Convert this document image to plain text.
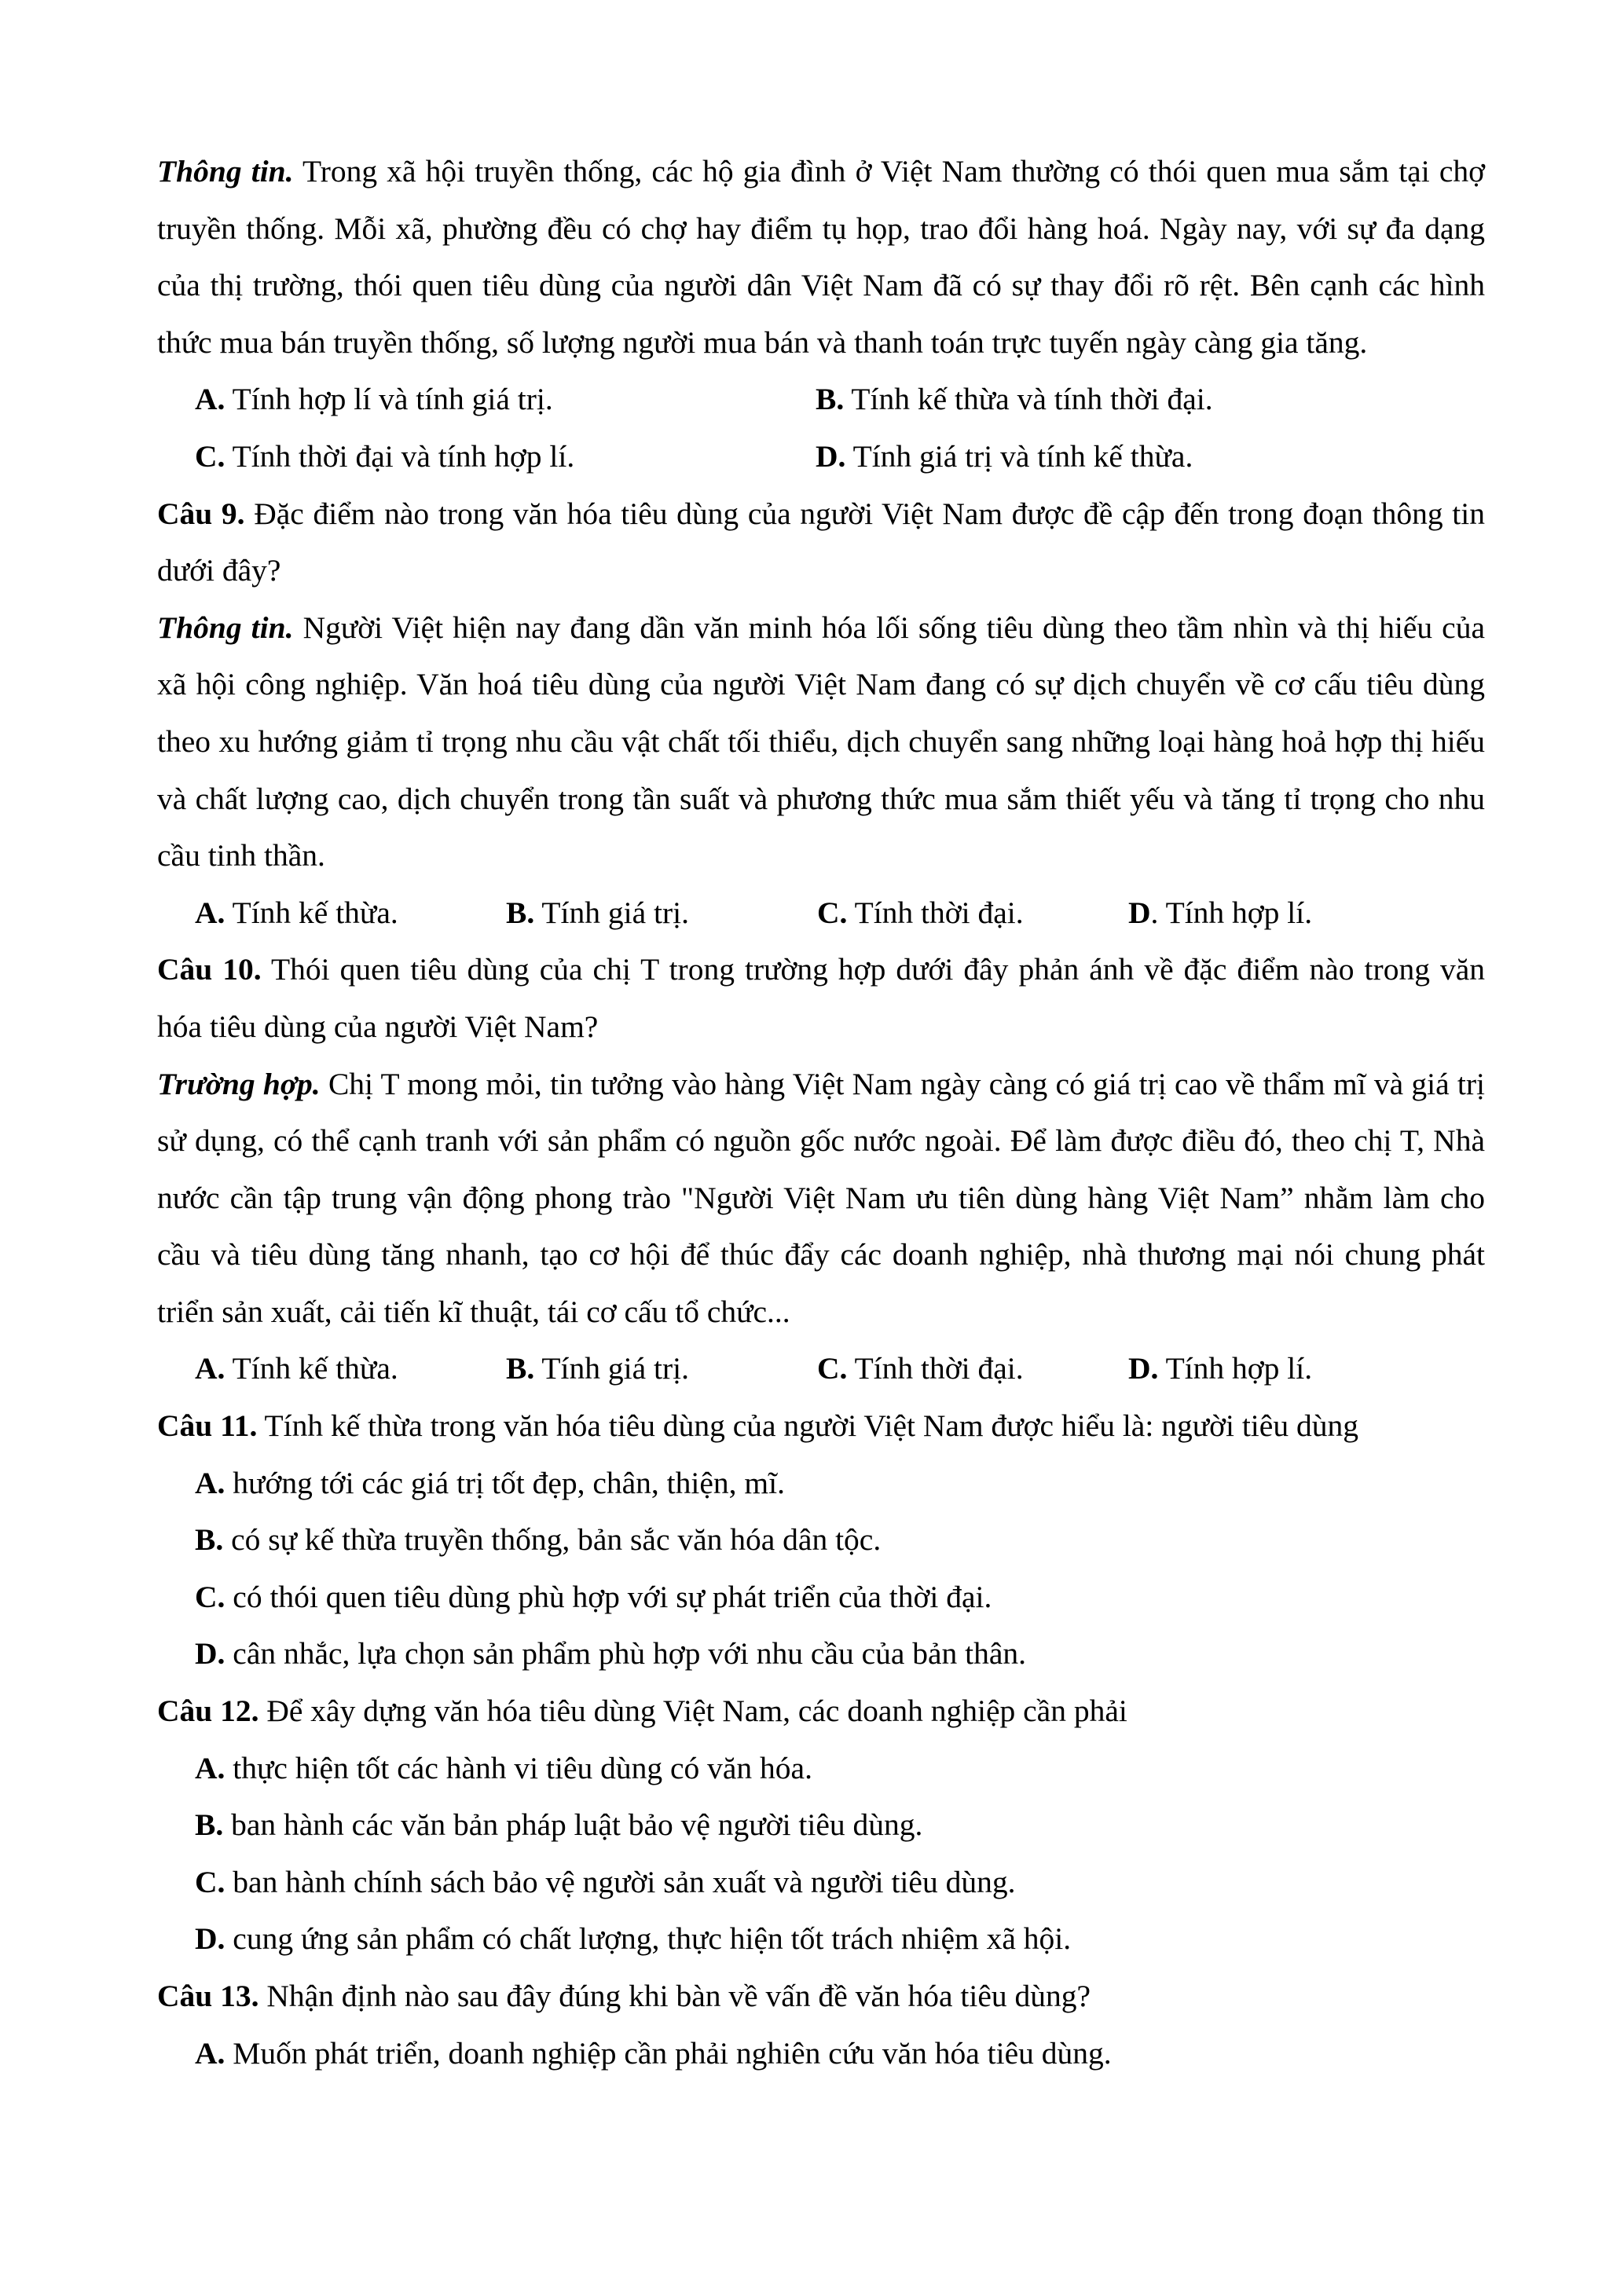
Thông tin. Trong xã hội truyền thống, các hộ gia đình ở Việt Nam thường có thói quen mua sắm tại chợ truyền thống. Mỗi xã, phường đều có chợ hay điểm tụ họp, trao đổi hàng hoá. Ngày nay, với sự đa dạng của thị trường, thói quen tiêu dùng của người dân Việt Nam đã có sự thay đổi rõ rệt. Bên cạnh các hình thức mua bán truyền thống, số lượng người mua bán và thanh toán trực tuyến ngày càng gia tăng.

A. Tính hợp lí và tính giá trị.	B. Tính kế thừa và tính thời đại.
C. Tính thời đại và tính hợp lí.	D. Tính giá trị và tính kế thừa.

Câu 9. Đặc điểm nào trong văn hóa tiêu dùng của người Việt Nam được đề cập đến trong đoạn thông tin dưới đây?

Thông tin. Người Việt hiện nay đang dần văn minh hóa lối sống tiêu dùng theo tầm nhìn và thị hiếu của xã hội công nghiệp. Văn hoá tiêu dùng của người Việt Nam đang có sự dịch chuyển về cơ cấu tiêu dùng theo xu hướng giảm tỉ trọng nhu cầu vật chất tối thiểu, dịch chuyển sang những loại hàng hoả hợp thị hiếu và chất lượng cao, dịch chuyển trong tần suất và phương thức mua sắm thiết yếu và tăng tỉ trọng cho nhu cầu tinh thần.

A. Tính kế thừa.	B. Tính giá trị.	C. Tính thời đại.	D. Tính hợp lí.

Câu 10. Thói quen tiêu dùng của chị T trong trường hợp dưới đây phản ánh về đặc điểm nào trong văn hóa tiêu dùng của người Việt Nam?

Trường hợp. Chị T mong mỏi, tin tưởng vào hàng Việt Nam ngày càng có giá trị cao về thẩm mĩ và giá trị sử dụng, có thể cạnh tranh với sản phẩm có nguồn gốc nước ngoài. Để làm được điều đó, theo chị T, Nhà nước cần tập trung vận động phong trào "Người Việt Nam ưu tiên dùng hàng Việt Nam” nhằm làm cho cầu và tiêu dùng tăng nhanh, tạo cơ hội để thúc đẩy các doanh nghiệp, nhà thương mại nói chung phát triển sản xuất, cải tiến kĩ thuật, tái cơ cấu tổ chức...

A. Tính kế thừa.	B. Tính giá trị.	C. Tính thời đại.	D. Tính hợp lí.

Câu 11. Tính kế thừa trong văn hóa tiêu dùng của người Việt Nam được hiểu là: người tiêu dùng

A. hướng tới các giá trị tốt đẹp, chân, thiện, mĩ.
B. có sự kế thừa truyền thống, bản sắc văn hóa dân tộc.
C. có thói quen tiêu dùng phù hợp với sự phát triển của thời đại.
D. cân nhắc, lựa chọn sản phẩm phù hợp với nhu cầu của bản thân.

Câu 12. Để xây dựng văn hóa tiêu dùng Việt Nam, các doanh nghiệp cần phải

A. thực hiện tốt các hành vi tiêu dùng có văn hóa.
B. ban hành các văn bản pháp luật bảo vệ người tiêu dùng.
C. ban hành chính sách bảo vệ người sản xuất và người tiêu dùng.
D. cung ứng sản phẩm có chất lượng, thực hiện tốt trách nhiệm xã hội.

Câu 13. Nhận định nào sau đây đúng khi bàn về vấn đề văn hóa tiêu dùng?

A. Muốn phát triển, doanh nghiệp cần phải nghiên cứu văn hóa tiêu dùng.
